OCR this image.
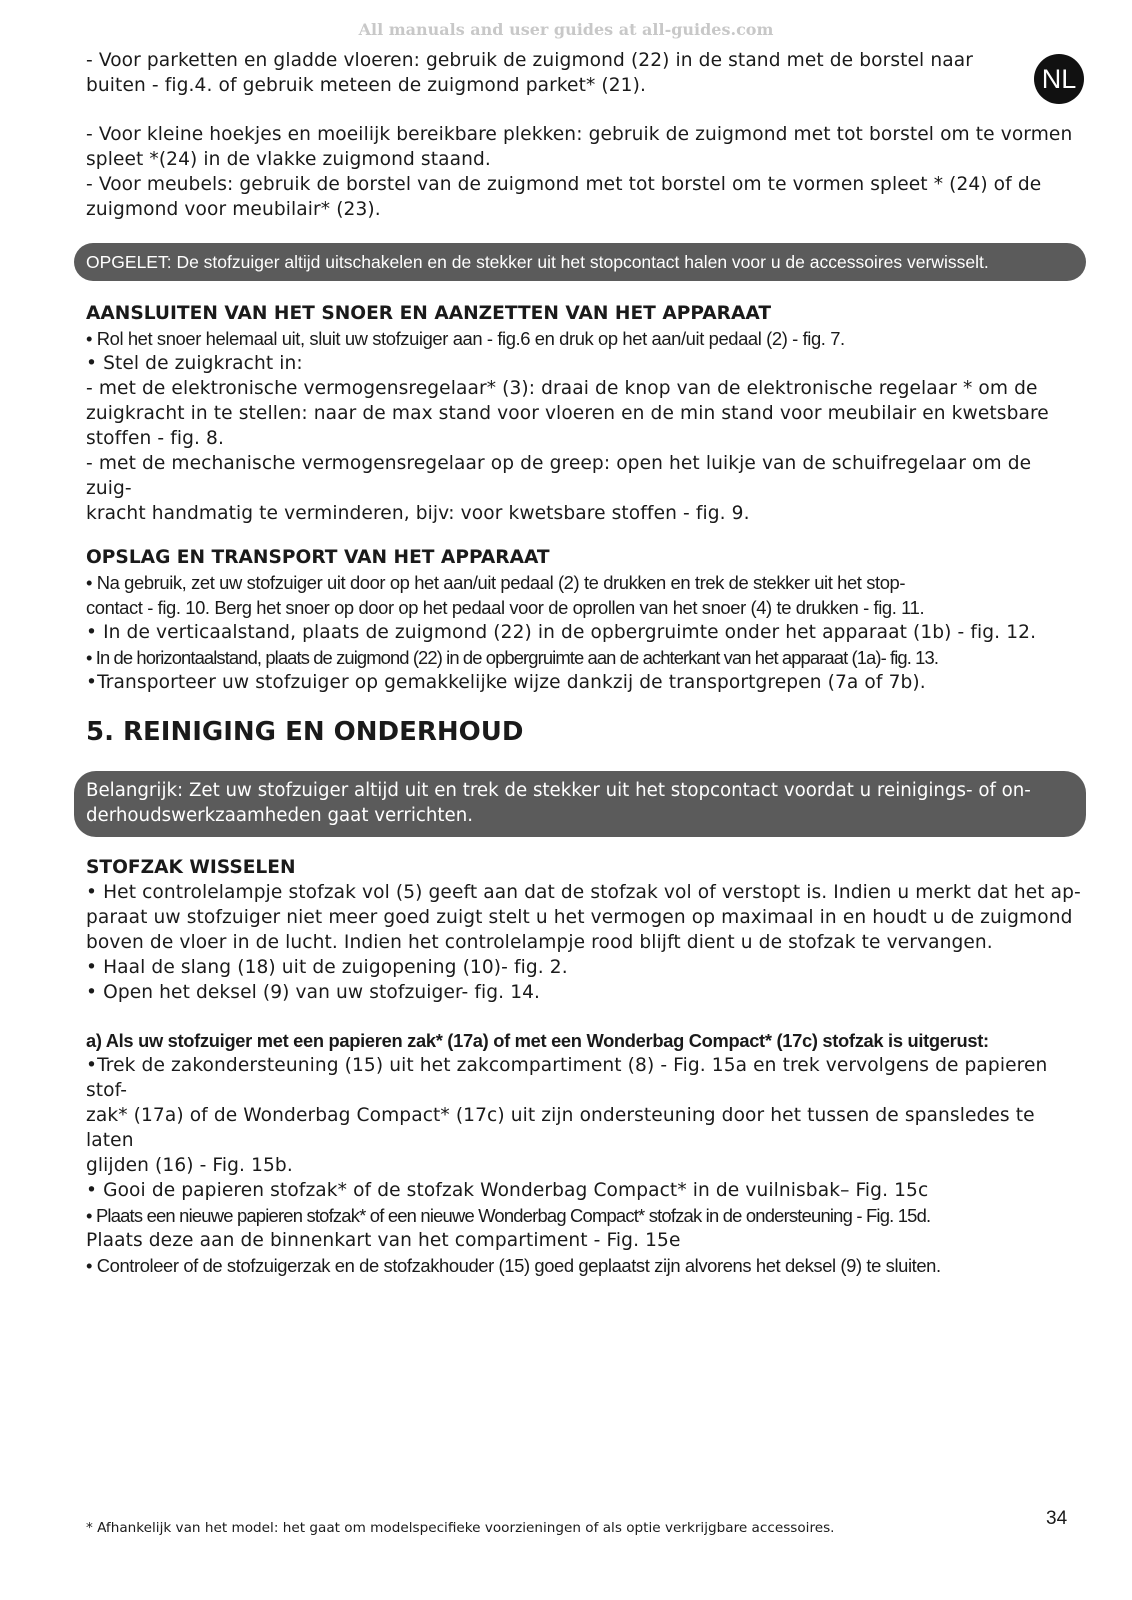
All manuals and user guides at all-guides.com
NL
- Voor parketten en gladde vloeren: gebruik de zuigmond (22) in de stand met de borstel naar
buiten - fig.4. of gebruik meteen de zuigmond parket* (21).
- Voor kleine hoekjes en moeilijk bereikbare plekken: gebruik de zuigmond met tot borstel om te vormen
spleet *(24) in de vlakke zuigmond staand.
- Voor meubels: gebruik de borstel van de zuigmond met tot borstel om te vormen spleet * (24) of de
zuigmond voor meubilair* (23).
OPGELET: De stofzuiger altijd uitschakelen en de stekker uit het stopcontact halen voor u de accessoires verwisselt.
AANSLUITEN VAN HET SNOER EN AANZETTEN VAN HET APPARAAT
• Rol het snoer helemaal uit, sluit uw stofzuiger aan - fig.6 en druk op het aan/uit pedaal (2) - fig. 7.
• Stel de zuigkracht in:
- met de elektronische vermogensregelaar* (3): draai de knop van de elektronische regelaar * om de
zuigkracht in te stellen: naar de max stand voor vloeren en de min stand voor meubilair en kwetsbare
stoffen - fig. 8.
- met de mechanische vermogensregelaar op de greep: open het luikje van de schuifregelaar om de zuig-
kracht handmatig te verminderen, bijv: voor kwetsbare stoffen - fig. 9.
OPSLAG EN TRANSPORT VAN HET APPARAAT
• Na gebruik, zet uw stofzuiger uit door op het aan/uit pedaal (2) te drukken en trek de stekker uit het stop-
contact - fig. 10. Berg het snoer op door op het pedaal voor de oprollen van het snoer (4) te drukken - fig. 11.
• In de verticaalstand, plaats de zuigmond (22) in de opbergruimte onder het apparaat (1b) - fig. 12.
• In de horizontaalstand, plaats de zuigmond (22) in de opbergruimte aan de achterkant van het apparaat (1a)- fig. 13.
•Transporteer uw stofzuiger op gemakkelijke wijze dankzij de transportgrepen (7a of 7b).
5. REINIGING EN ONDERHOUD
Belangrijk: Zet uw stofzuiger altijd uit en trek de stekker uit het stopcontact voordat u reinigings- of on-
derhoudswerkzaamheden gaat verrichten.
STOFZAK WISSELEN
• Het controlelampje stofzak vol (5) geeft aan dat de stofzak vol of verstopt is. Indien u merkt dat het ap-
paraat uw stofzuiger niet meer goed zuigt stelt u het vermogen op maximaal in en houdt u de zuigmond
boven de vloer in de lucht. Indien het controlelampje rood blijft dient u de stofzak te vervangen.
• Haal de slang (18) uit de zuigopening (10)- fig. 2.
• Open het deksel (9) van uw stofzuiger- fig. 14.
a) Als uw stofzuiger met een papieren zak* (17a) of met een Wonderbag Compact* (17c) stofzak is uitgerust:
•Trek de zakondersteuning (15) uit het zakcompartiment (8) - Fig. 15a en trek vervolgens de papieren stof-
zak* (17a) of de Wonderbag Compact* (17c) uit zijn ondersteuning door het tussen de spansledes te laten
glijden (16) - Fig. 15b.
• Gooi de papieren stofzak* of de stofzak Wonderbag Compact* in de vuilnisbak– Fig. 15c
• Plaats een nieuwe papieren stofzak* of een nieuwe Wonderbag Compact* stofzak in de ondersteuning - Fig. 15d.
Plaats deze aan de binnenkart van het compartiment - Fig. 15e
• Controleer of de stofzuigerzak en de stofzakhouder (15) goed geplaatst zijn alvorens het deksel (9) te sluiten.
* Afhankelijk van het model: het gaat om modelspecifieke voorzieningen of als optie verkrijgbare accessoires.	34
